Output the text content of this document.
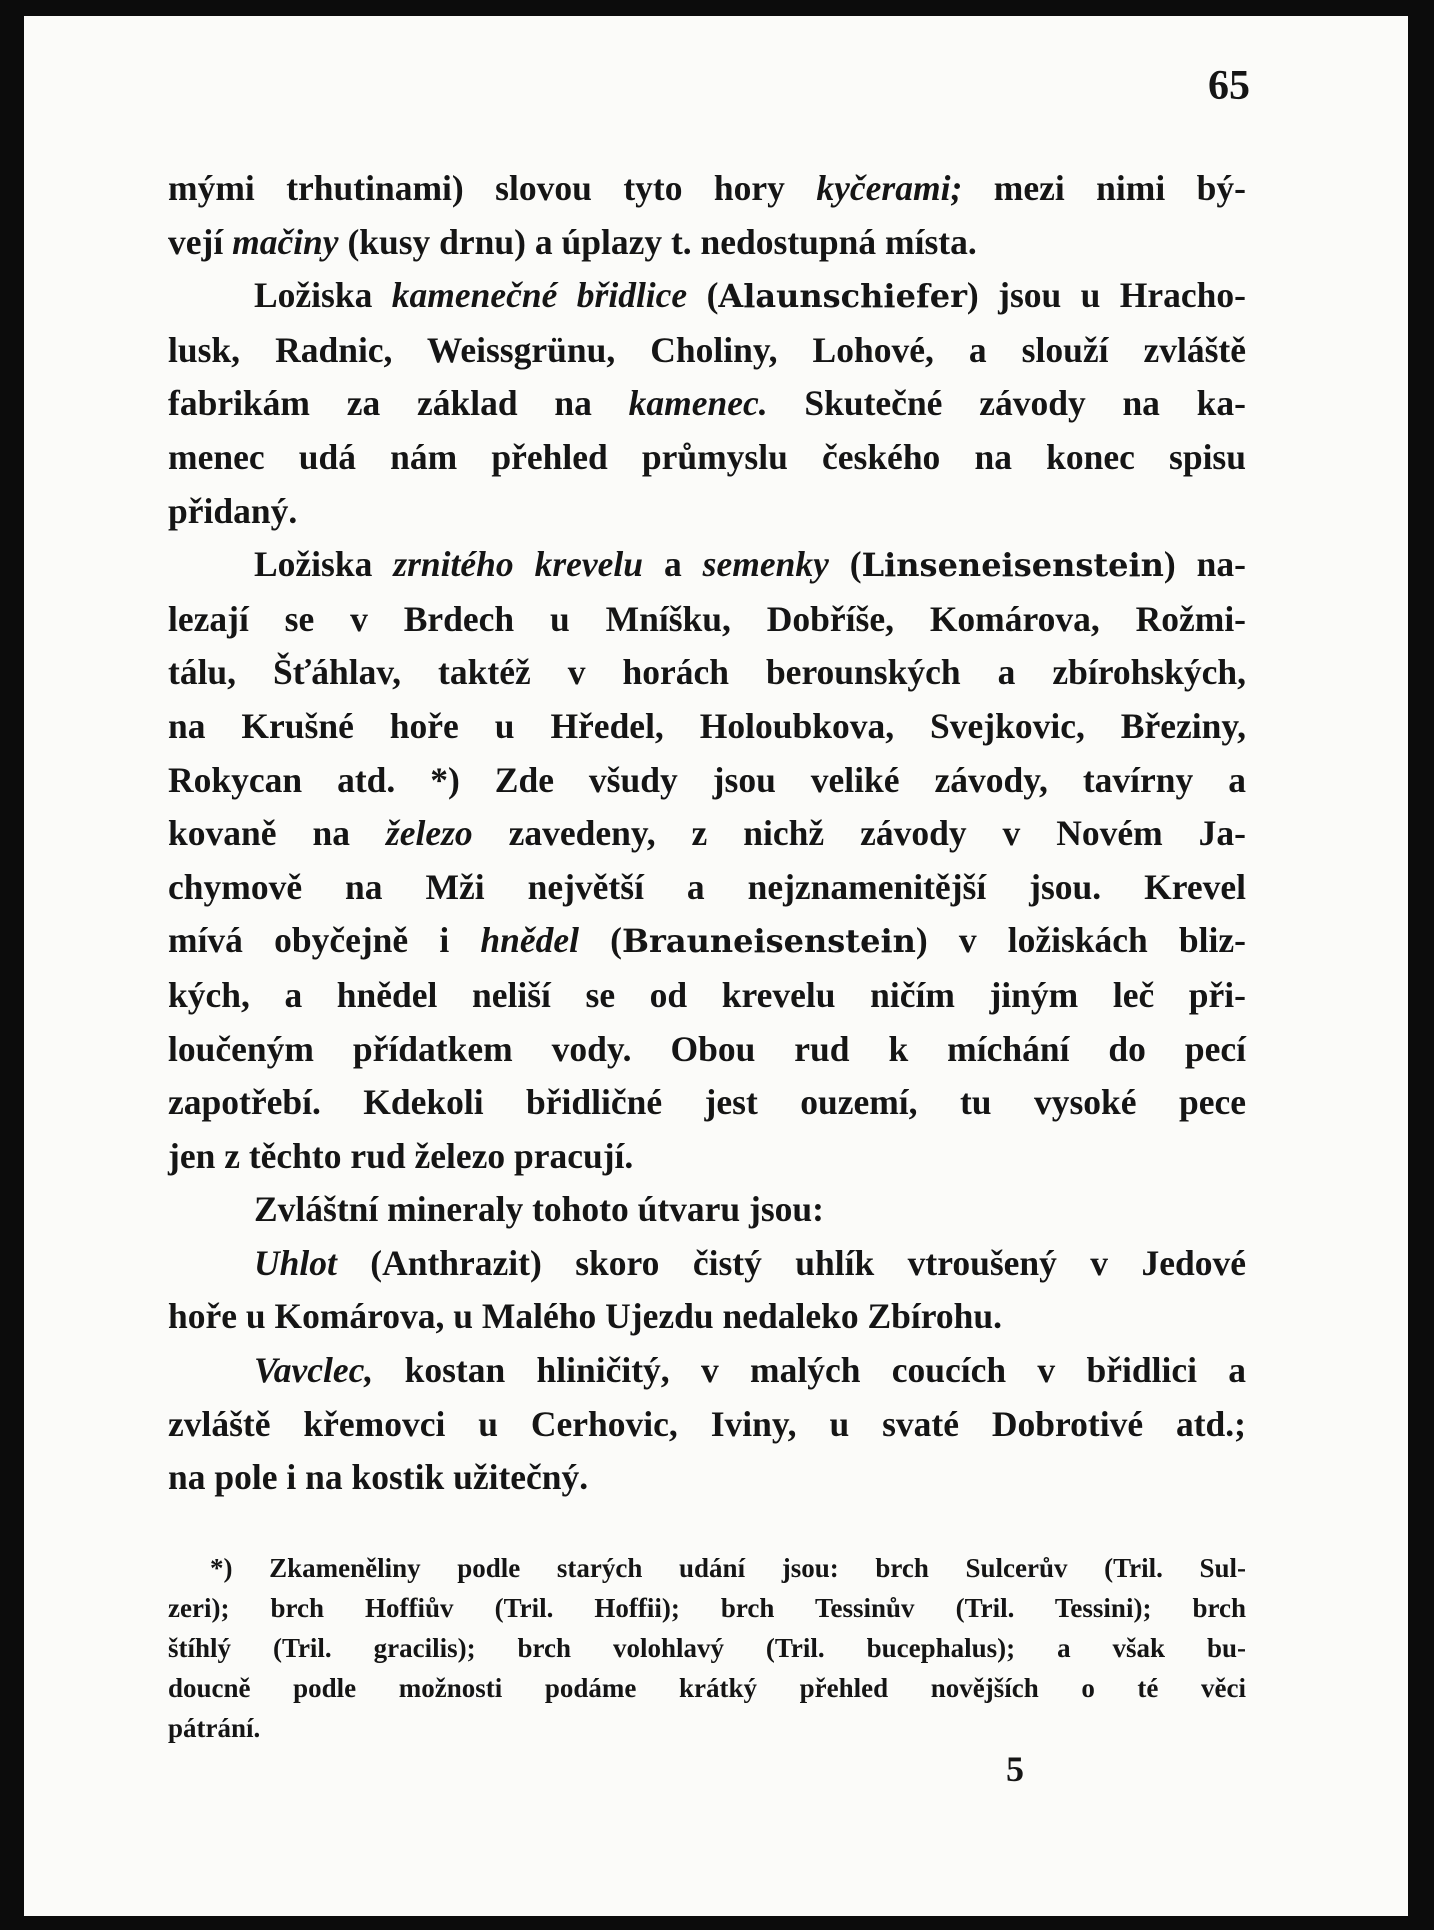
65
mými trhutinami) slovou tyto hory kyčerami; mezi nimi bý-
vejí mačiny (kusy drnu) a úplazy t. nedostupná místa.
Ložiska kamenečné břidlice (Alaunschiefer) jsou u Hracho-
lusk, Radnic, Weissgrünu, Choliny, Lohové, a slouží zvláště
fabrikám za základ na kamenec. Skutečné závody na ka-
menec udá nám přehled průmyslu českého na konec spisu
přidaný.
Ložiska zrnitého krevelu a semenky (Linseneisenstein) na-
lezají se v Brdech u Mníšku, Dobříše, Komárova, Rožmi-
tálu, Šťáhlav, taktéž v horách berounských a zbírohských,
na Krušné hoře u Hředel, Holoubkova, Svejkovic, Březiny,
Rokycan atd. *) Zde všudy jsou veliké závody, tavírny a
kovaně na železo zavedeny, z nichž závody v Novém Ja-
chymově na Mži největší a nejznamenitější jsou. Krevel
mívá obyčejně i hnědel (Brauneisenstein) v ložiskách bliz-
kých, a hnědel neliší se od krevelu ničím jiným leč při-
loučeným přídatkem vody. Obou rud k míchání do pecí
zapotřebí. Kdekoli břidličné jest ouzemí, tu vysoké pece
jen z těchto rud železo pracují.
Zvláštní mineraly tohoto útvaru jsou:
Uhlot (Anthrazit) skoro čistý uhlík vtroušený v Jedové
hoře u Komárova, u Malého Ujezdu nedaleko Zbírohu.
Vavclec, kostan hliničitý, v malých coucích v břidlici a
zvláště křemovci u Cerhovic, Iviny, u svaté Dobrotivé atd.;
na pole i na kostik užitečný.
*) Zkameněliny podle starých udání jsou: brch Sulcerův (Tril. Sul-
zeri); brch Hoffiův (Tril. Hoffii); brch Tessinův (Tril. Tessini); brch
štíhlý (Tril. gracilis); brch volohlavý (Tril. bucephalus); a však bu-
doucně podle možnosti podáme krátký přehled novějších o té věci
pátrání.
5
